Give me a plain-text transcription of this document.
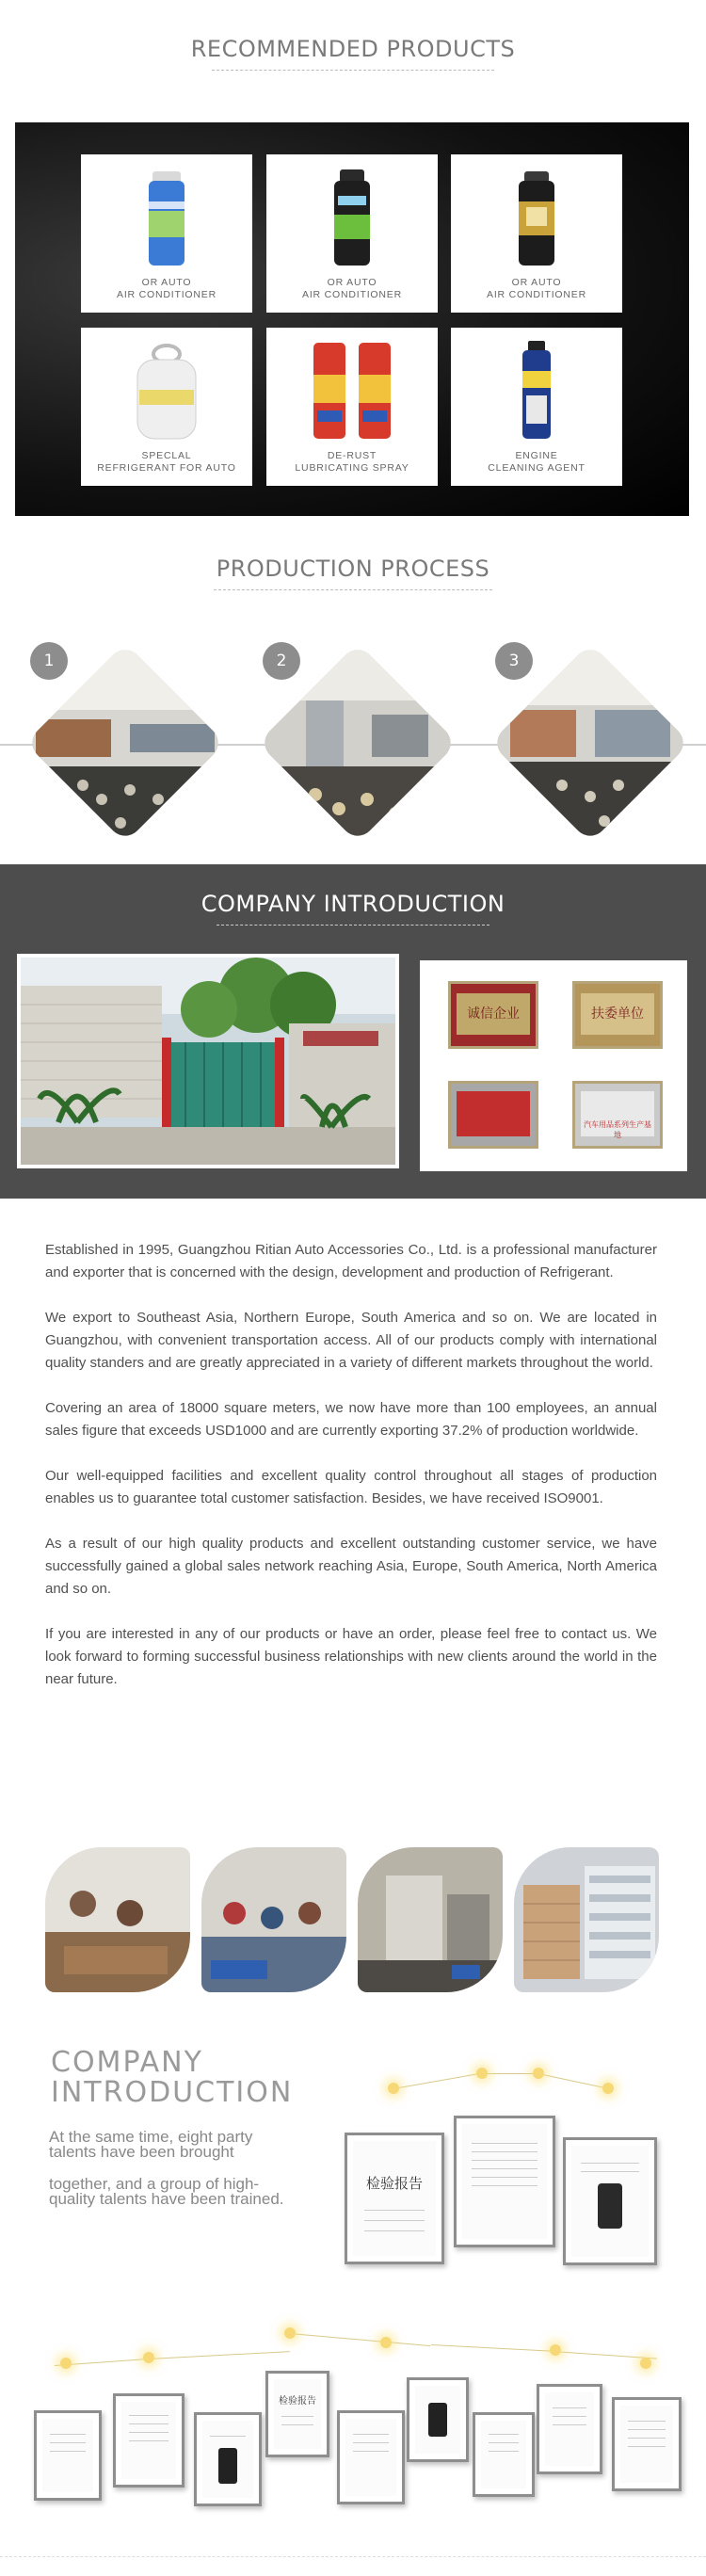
RECOMMENDED PRODUCTS
OR AUTO
AIR CONDITIONER
OR AUTO
AIR CONDITIONER
OR AUTO
AIR CONDITIONER
SPECLAL
REFRIGERANT FOR AUTO
DE-RUST
LUBRICATING SPRAY
ENGINE
CLEANING AGENT
PRODUCTION PROCESS
1	2	3
COMPANY INTRODUCTION
诚信企业	扶委单位
汽车用品系列生产基地

Established in 1995, Guangzhou Ritian Auto Accessories Co., Ltd. is a professional manufacturer and exporter that is concerned with the design, development and production of Refrigerant.

We export to Southeast Asia, Northern Europe, South America and so on. We are located in Guangzhou, with convenient transportation access. All of our products comply with international quality standers and are greatly appreciated in a variety of different markets throughout the world.

Covering an area of 18000 square meters, we now have more than 100 employees, an annual sales figure that exceeds USD1000 and are currently exporting 37.2% of production worldwide.

Our well-equipped facilities and excellent quality control throughout all stages of production enables us to guarantee total customer satisfaction. Besides, we have received ISO9001.

As a result of our high quality products and excellent outstanding customer service, we have successfully gained a global sales network reaching Asia, Europe, South America, North America and so on.

If you are interested in any of our products or have an order, please feel free to contact us. We look forward to forming successful business relationships with new clients around the world in the near future.

COMPANY
INTRODUCTION

At the same time, eight party talents have been brought

together, and a group of high-quality talents have been trained.

检验报告
检验报告
